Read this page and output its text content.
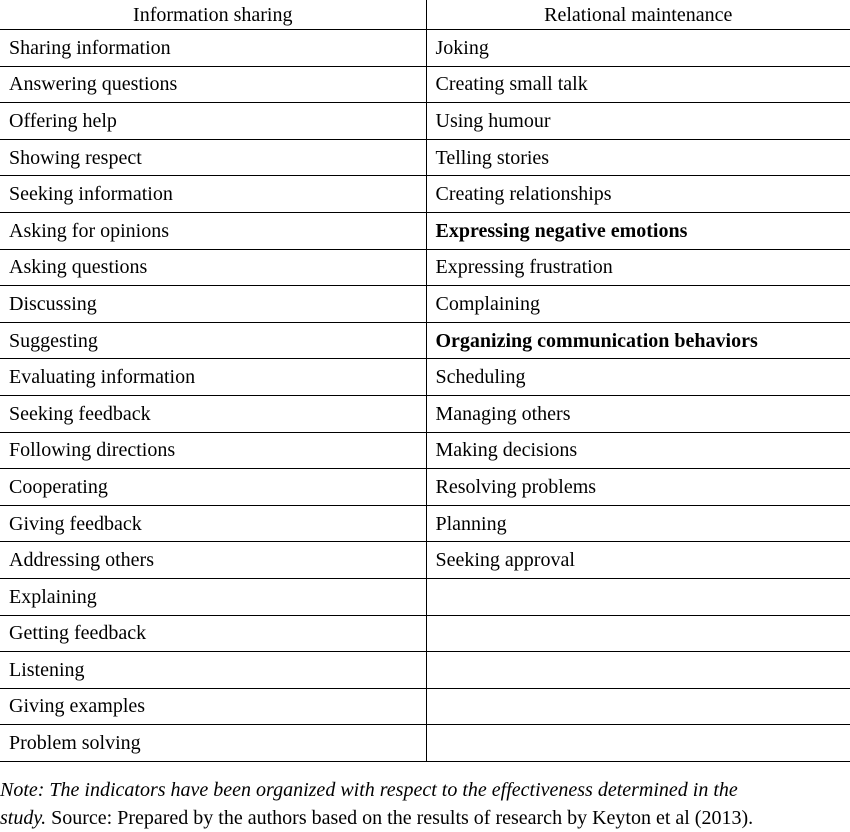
Information sharing	Relational maintenance
Sharing information	Joking
Answering questions	Creating small talk
Offering help	Using humour
Showing respect	Telling stories
Seeking information	Creating relationships
Asking for opinions	Expressing negative emotions
Asking questions	Expressing frustration
Discussing	Complaining
Suggesting	Organizing communication behaviors
Evaluating information	Scheduling
Seeking feedback	Managing others
Following directions	Making decisions
Cooperating	Resolving problems
Giving feedback	Planning
Addressing others	Seeking approval
Explaining	
Getting feedback	
Listening	
Giving examples	
Problem solving	
Note: The indicators have been organized with respect to the effectiveness determined in the
study. Source: Prepared by the authors based on the results of research by Keyton et al (2013).
